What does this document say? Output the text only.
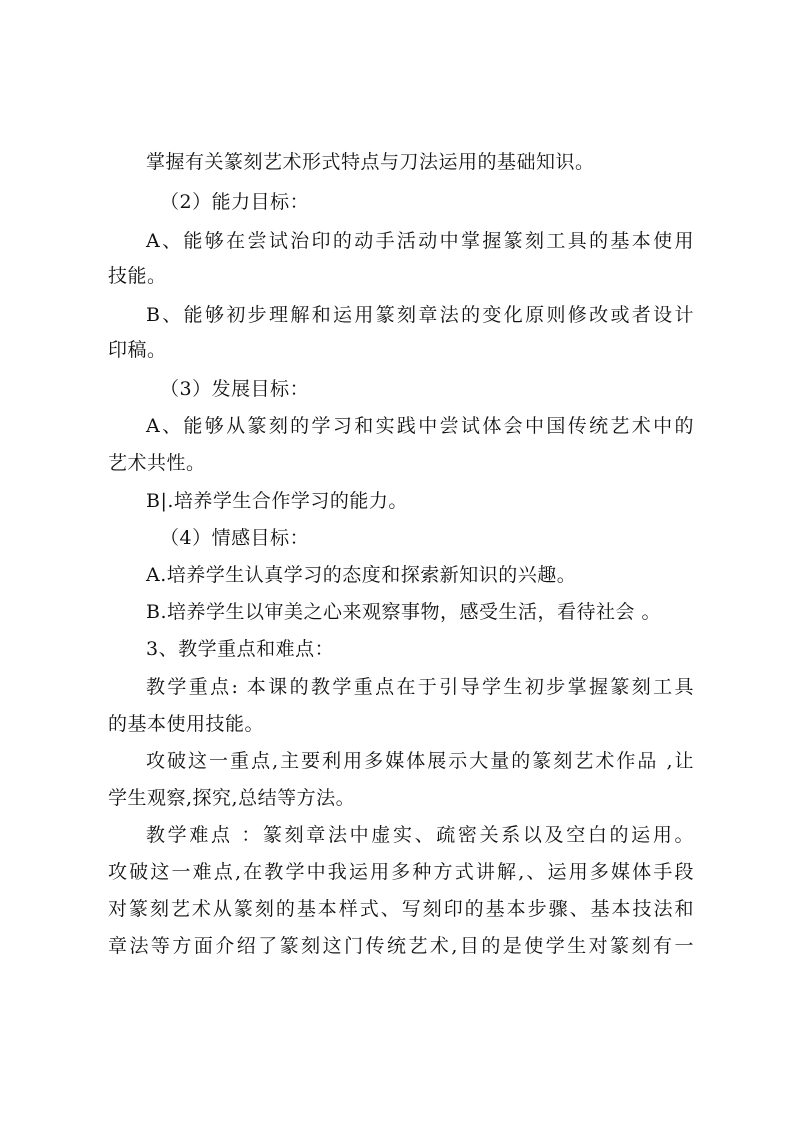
掌握有关篆刻艺术形式特点与刀法运用的基础知识。
（2）能力目标：
A、能够在尝试治印的动手活动中掌握篆刻工具的基本使用
技能。
B、能够初步理解和运用篆刻章法的变化原则修改或者设计
印稿。
（3）发展目标：
A、能够从篆刻的学习和实践中尝试体会中国传统艺术中的
艺术共性。
B|.培养学生合作学习的能力。
（4）情感目标：
A.培养学生认真学习的态度和探索新知识的兴趣。
B.培养学生以审美之心来观察事物，感受生活，看待社会 。
3、教学重点和难点：
教学重点: 本课的教学重点在于引导学生初步掌握篆刻工具
的基本使用技能。
攻破这一重点,主要利用多媒体展示大量的篆刻艺术作品 ,让
学生观察,探究,总结等方法。
教学难点 ：篆刻章法中虚实、疏密关系以及空白的运用。
攻破这一难点,在教学中我运用多种方式讲解,、运用多媒体手段
对篆刻艺术从篆刻的基本样式、写刻印的基本步骤、基本技法和
章法等方面介绍了篆刻这门传统艺术,目的是使学生对篆刻有一
